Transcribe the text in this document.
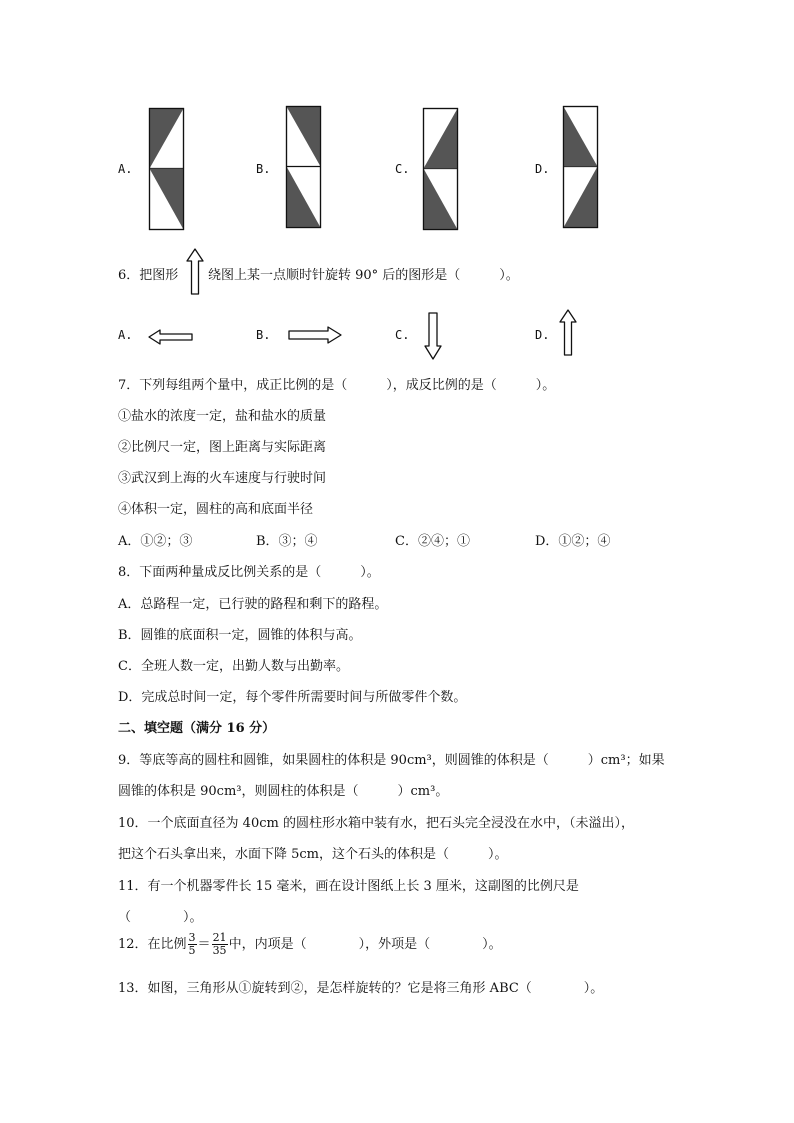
A.	B.	C.	D.
6．把图形 绕图上某一点顺时针旋转 90° 后的图形是（　　　）。
A.	B.	C.	D.
7．下列每组两个量中，成正比例的是（　　　），成反比例的是（　　　）。
①盐水的浓度一定，盐和盐水的质量
②比例尺一定，图上距离与实际距离
③武汉到上海的火车速度与行驶时间
④体积一定，圆柱的高和底面半径
A．①②；③	B．③；④	C．②④；①	D．①②；④
8．下面两种量成反比例关系的是（　　　）。
A．总路程一定，已行驶的路程和剩下的路程。
B．圆锥的底面积一定，圆锥的体积与高。
C．全班人数一定，出勤人数与出勤率。
D．完成总时间一定，每个零件所需要时间与所做零件个数。
二、填空题（满分 16 分）
9．等底等高的圆柱和圆锥，如果圆柱的体积是 90cm³，则圆锥的体积是（　　　）cm³；如果
圆锥的体积是 90cm³，则圆柱的体积是（　　　）cm³。
10．一个底面直径为 40cm 的圆柱形水箱中装有水，把石头完全浸没在水中，（未溢出），
把这个石头拿出来，水面下降 5cm，这个石头的体积是（　　　）。
11．有一个机器零件长 15 毫米，画在设计图纸上长 3 厘米，这副图的比例尺是
（　　　　）。
12．在比例 $\frac{3}{5} = \frac{21}{35}$ 中，内项是（　　　　），外项是（　　　　）。
13．如图，三角形从①旋转到②，是怎样旋转的？它是将三角形 ABC（　　　　）。
